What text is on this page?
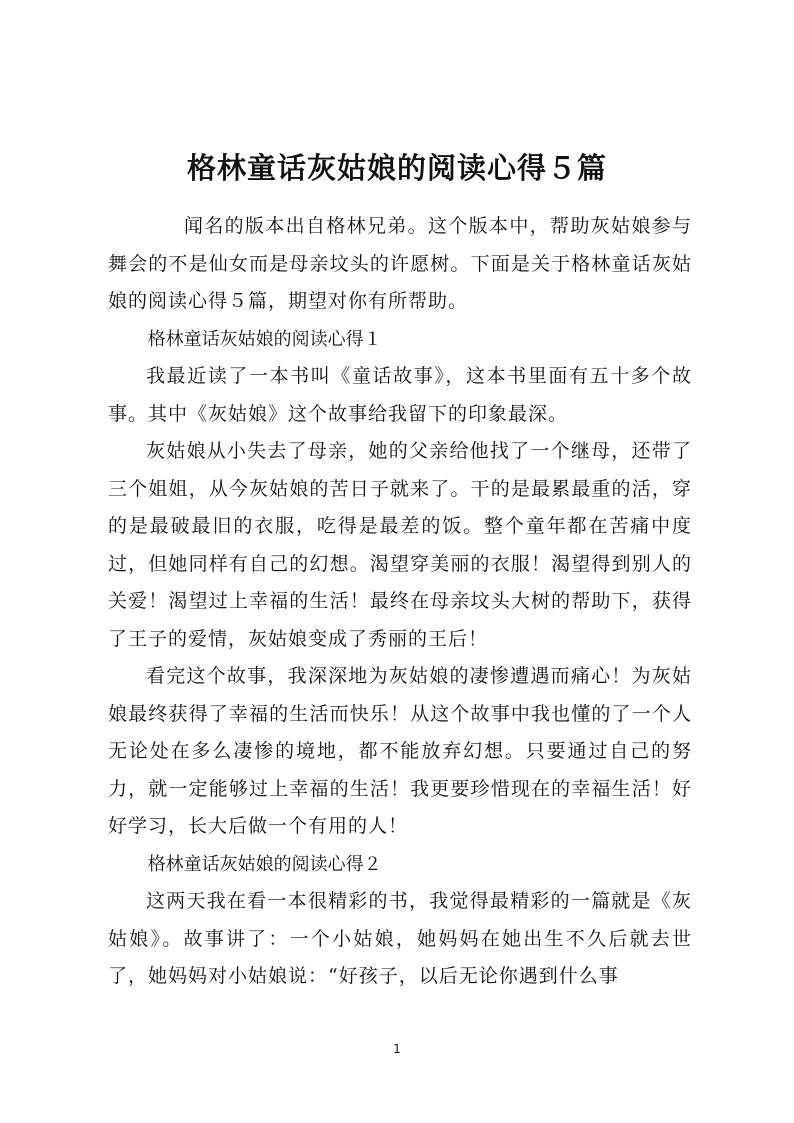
格林童话灰姑娘的阅读心得５篇

闻名的版本出自格林兄弟。这个版本中，帮助灰姑娘参与舞会的不是仙女而是母亲坟头的许愿树。下面是关于格林童话灰姑娘的阅读心得５篇，期望对你有所帮助。

格林童话灰姑娘的阅读心得１

我最近读了一本书叫《童话故事》，这本书里面有五十多个故事。其中《灰姑娘》这个故事给我留下的印象最深。

灰姑娘从小失去了母亲，她的父亲给他找了一个继母，还带了三个姐姐，从今灰姑娘的苦日子就来了。干的是最累最重的活，穿的是最破最旧的衣服，吃得是最差的饭。整个童年都在苦痛中度过，但她同样有自己的幻想。渴望穿美丽的衣服！渴望得到别人的关爱！渴望过上幸福的生活！最终在母亲坟头大树的帮助下，获得了王子的爱情，灰姑娘变成了秀丽的王后！

看完这个故事，我深深地为灰姑娘的凄惨遭遇而痛心！为灰姑娘最终获得了幸福的生活而快乐！从这个故事中我也懂的了一个人无论处在多么凄惨的境地，都不能放弃幻想。只要通过自己的努力，就一定能够过上幸福的生活！我更要珍惜现在的幸福生活！好好学习，长大后做一个有用的人！

格林童话灰姑娘的阅读心得２

这两天我在看一本很精彩的书，我觉得最精彩的一篇就是《灰姑娘》。故事讲了：一个小姑娘，她妈妈在她出生不久后就去世了，她妈妈对小姑娘说：“好孩子，以后无论你遇到什么事

1
